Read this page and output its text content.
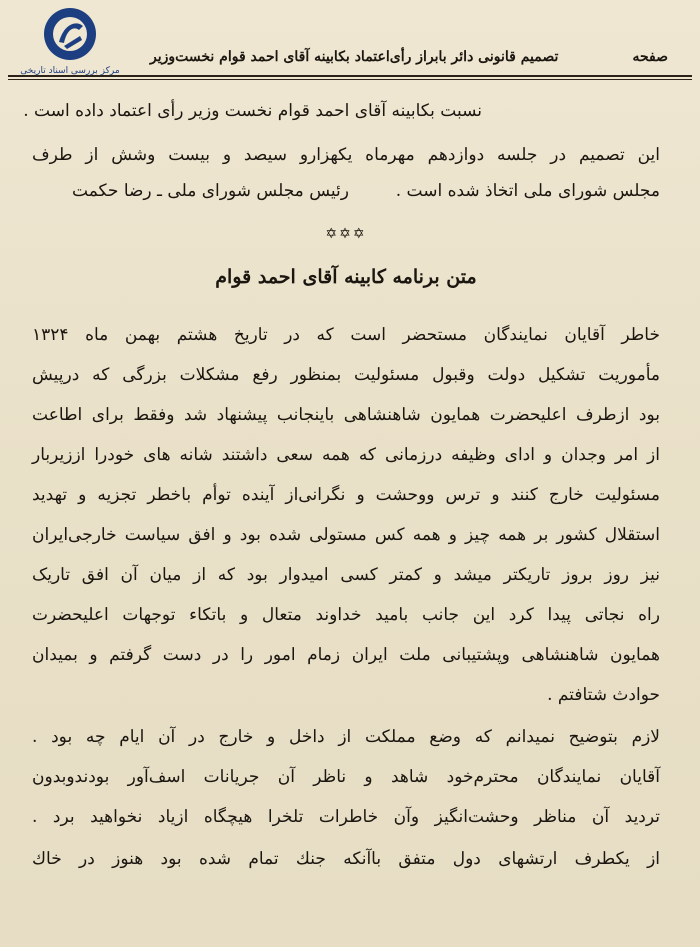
مرکز بررسی اسناد تاریخی
صفحه
تصمیم قانونی دائر بابراز رأی‌اعتماد بکابینه آقای احمد قوام نخست‌وزیر
نسبت بکابینه آقای احمد قوام نخست وزیر رأی اعتماد داده است .
این تصمیم در جلسه دوازدهم مهرماه یکهزارو سیصد و بیست وشش از طرف
مجلس شورای ملی اتخاذ شده است .
رئیس مجلس شورای ملی ـ رضا حکمت
✡✡✡
متن برنامه کابینه آقای احمد قوام
خاطر آقایان نمایندگان مستحضر است که در تاریخ هشتم بهمن ماه ۱۳۲۴
مأموریت تشکیل دولت وقبول مسئولیت بمنظور رفع مشکلات بزرگی که درپیش
بود ازطرف اعلیحضرت همایون شاهنشاهی باینجانب پیشنهاد شد وفقط برای اطاعت
از امر وجدان و ادای وظیفه درزمانی که همه سعی داشتند شانه های خودرا اززیربار
مسئولیت خارج کنند و ترس ووحشت و نگرانی‌از آینده توأم باخطر تجزیه و تهدید
استقلال کشور بر همه چیز و همه کس مستولی شده بود و افق سیاست خارجی‌ایران
نیز روز بروز تاریکتر میشد و کمتر کسی امیدوار بود که از میان آن افق تاریک
راه نجاتی پیدا کرد این جانب بامید خداوند متعال و باتکاء توجهات اعلیحضرت
همایون شاهنشاهی وپشتیبانی ملت ایران زمام امور را در دست گرفتم و بمیدان
حوادث شتافتم .
لازم بتوضیح نمیدانم که وضع مملکت از داخل و خارج در آن ایام چه بود .
آقایان نمایندگان محترم‌خود شاهد و ناظر آن جریانات اسف‌آور بودندوبدون
تردید آن مناظر وحشت‌انگیز وآن خاطرات تلخرا هیچگاه ازیاد نخواهید برد .
از یکطرف ارتشهای دول متفق باآنکه جنك تمام شده بود هنوز در خاك
